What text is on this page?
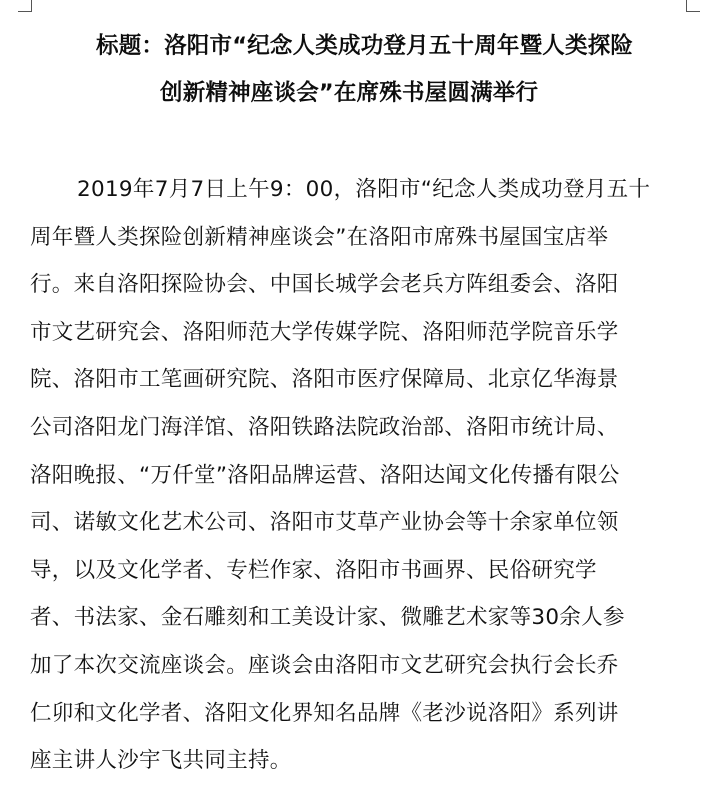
标题：洛阳市“纪念人类成功登月五十周年暨人类探险
创新精神座谈会”在席殊书屋圆满举行
2019年7月7日上午9：00，洛阳市“纪念人类成功登月五十
周年暨人类探险创新精神座谈会”在洛阳市席殊书屋国宝店举
行。来自洛阳探险协会、中国长城学会老兵方阵组委会、洛阳
市文艺研究会、洛阳师范大学传媒学院、洛阳师范学院音乐学
院、洛阳市工笔画研究院、洛阳市医疗保障局、北京亿华海景
公司洛阳龙门海洋馆、洛阳铁路法院政治部、洛阳市统计局、
洛阳晚报、“万仟堂”洛阳品牌运营、洛阳达闻文化传播有限公
司、诺敏文化艺术公司、洛阳市艾草产业协会等十余家单位领
导，以及文化学者、专栏作家、洛阳市书画界、民俗研究学
者、书法家、金石雕刻和工美设计家、微雕艺术家等30余人参
加了本次交流座谈会。座谈会由洛阳市文艺研究会执行会长乔
仁卯和文化学者、洛阳文化界知名品牌《老沙说洛阳》系列讲
座主讲人沙宇飞共同主持。
